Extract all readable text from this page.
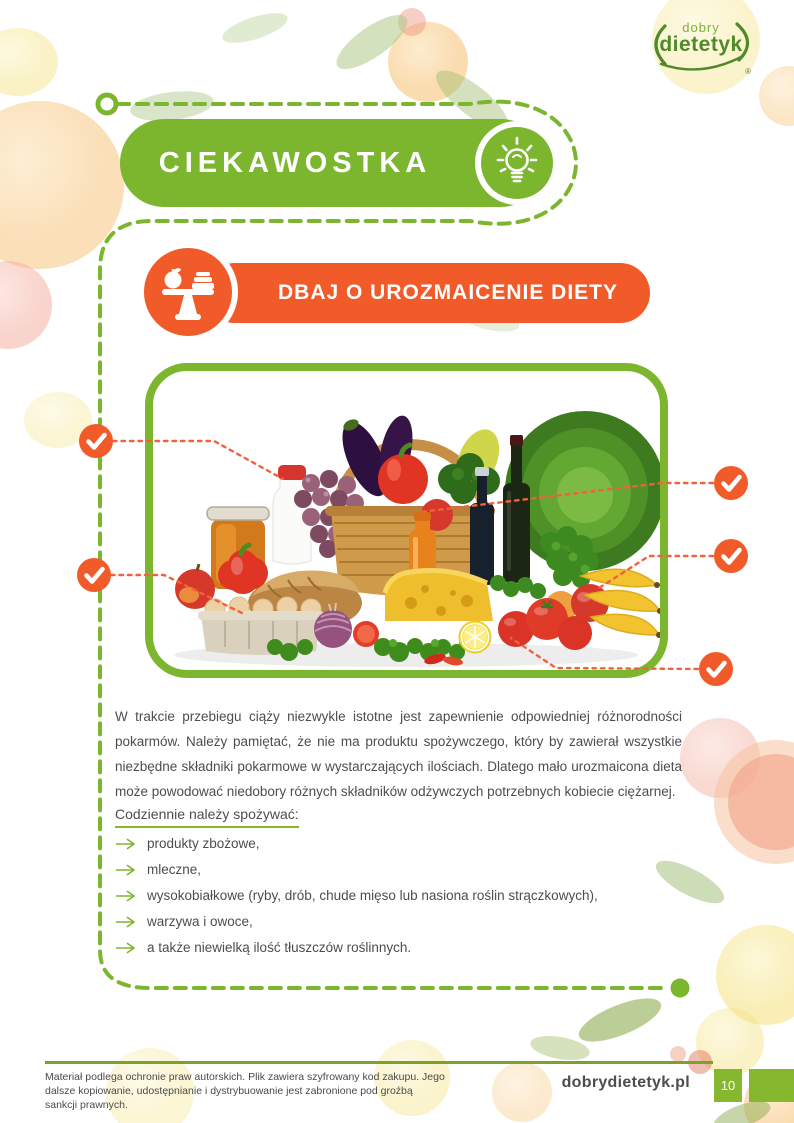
dobry
dietetyk
®
CIEKAWOSTKA
DBAJ O UROZMAICENIE DIETY
W trakcie przebiegu ciąży niezwykle istotne jest zapewnienie odpowiedniej różnorodności pokarmów. Należy pamiętać, że nie ma produktu spożywczego, który by zawierał wszystkie niezbędne składniki pokarmowe w wystarczających ilościach. Dlatego mało urozmaicona dieta może powodować niedobory różnych składników odżywczych potrzebnych kobiecie ciężarnej.
Codziennie należy spożywać:
produkty zbożowe,
mleczne,
wysokobiałkowe (ryby, drób, chude mięso lub nasiona roślin strączkowych),
warzywa i owoce,
a także niewielką ilość tłuszczów roślinnych.
Materiał podlega ochronie praw autorskich. Plik zawiera szyfrowany kod zakupu. Jego dalsze kopiowanie, udostępnianie i dystrybuowanie jest zabronione pod groźbą sankcji prawnych.
dobrydietetyk.pl	10
